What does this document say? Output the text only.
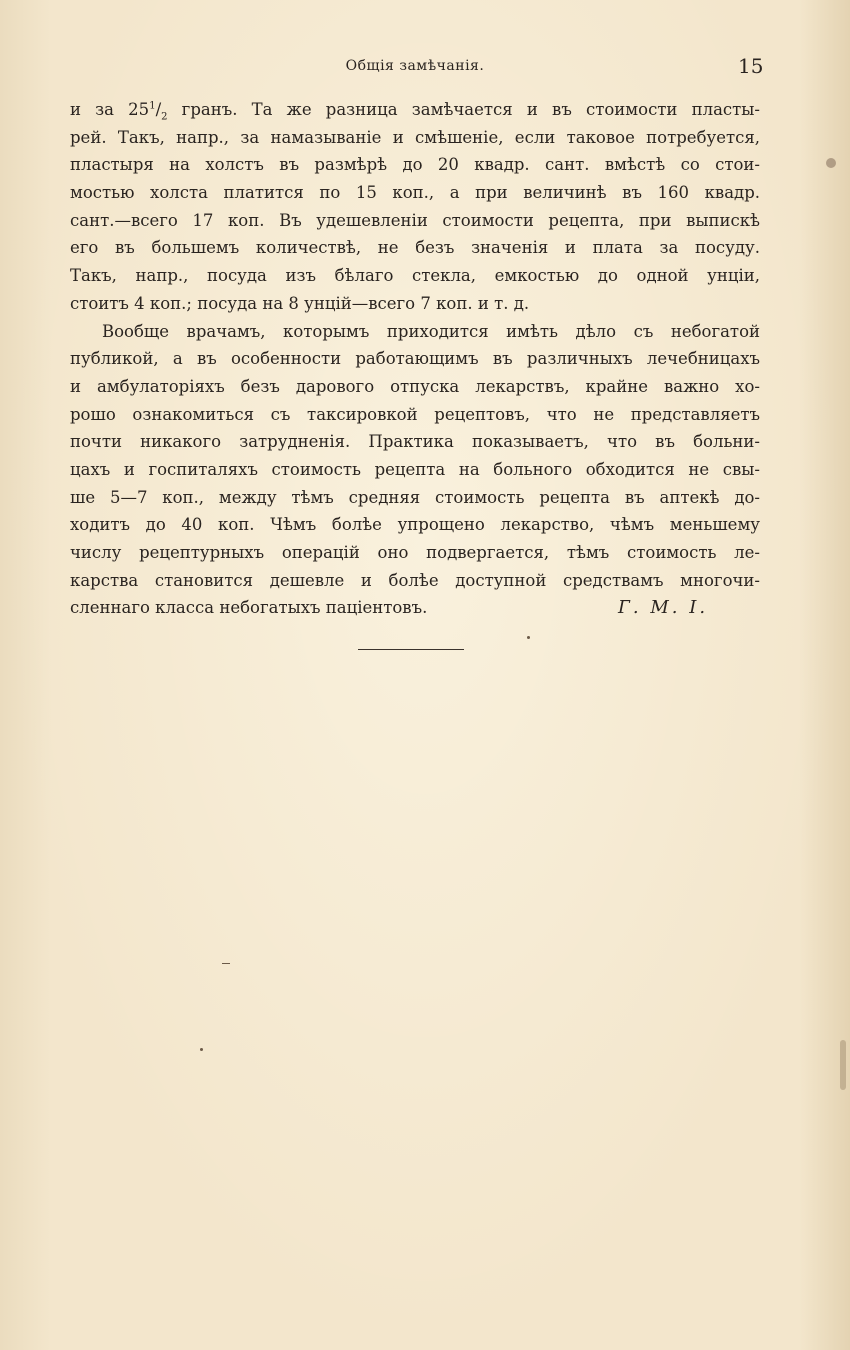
Общія замѣчанія.	15
и за $25^1/_2$ гранъ. Та же разница замѣчается и въ стоимости пласты-
рей. Такъ, напр., за намазываніе и смѣшеніе, если таковое потребуется,
пластыря на холстъ въ размѣрѣ до 20 квадр. сант. вмѣстѣ со стои-
мостью холста платится по 15 коп., а при величинѣ въ 160 квадр.
сант.—всего 17 коп. Въ удешевленіи стоимости рецепта, при выпискѣ
его въ большемъ количествѣ, не безъ значенія и плата за посуду.
Такъ, напр., посуда изъ бѣлаго стекла, емкостью до одной унціи,
стоитъ 4 коп.; посуда на 8 унцій—всего 7 коп. и т. д.
Вообще врачамъ, которымъ приходится имѣть дѣло съ небогатой
публикой, а въ особенности работающимъ въ различныхъ лечебницахъ
и амбулаторіяхъ безъ дарового отпуска лекарствъ, крайне важно хо-
рошо ознакомиться съ таксировкой рецептовъ, что не представляетъ
почти никакого затрудненія. Практика показываетъ, что въ больни-
цахъ и госпиталяхъ стоимость рецепта на больного обходится не свы-
ше 5—7 коп., между тѣмъ средняя стоимость рецепта въ аптекѣ до-
ходитъ до 40 коп. Чѣмъ болѣе упрощено лекарство, чѣмъ меньшему
числу рецептурныхъ операцій оно подвергается, тѣмъ стоимость ле-
карства становится дешевле и болѣе доступной средствамъ многочи-
сленнаго класса небогатыхъ паціентовъ.	Г. М. I.
